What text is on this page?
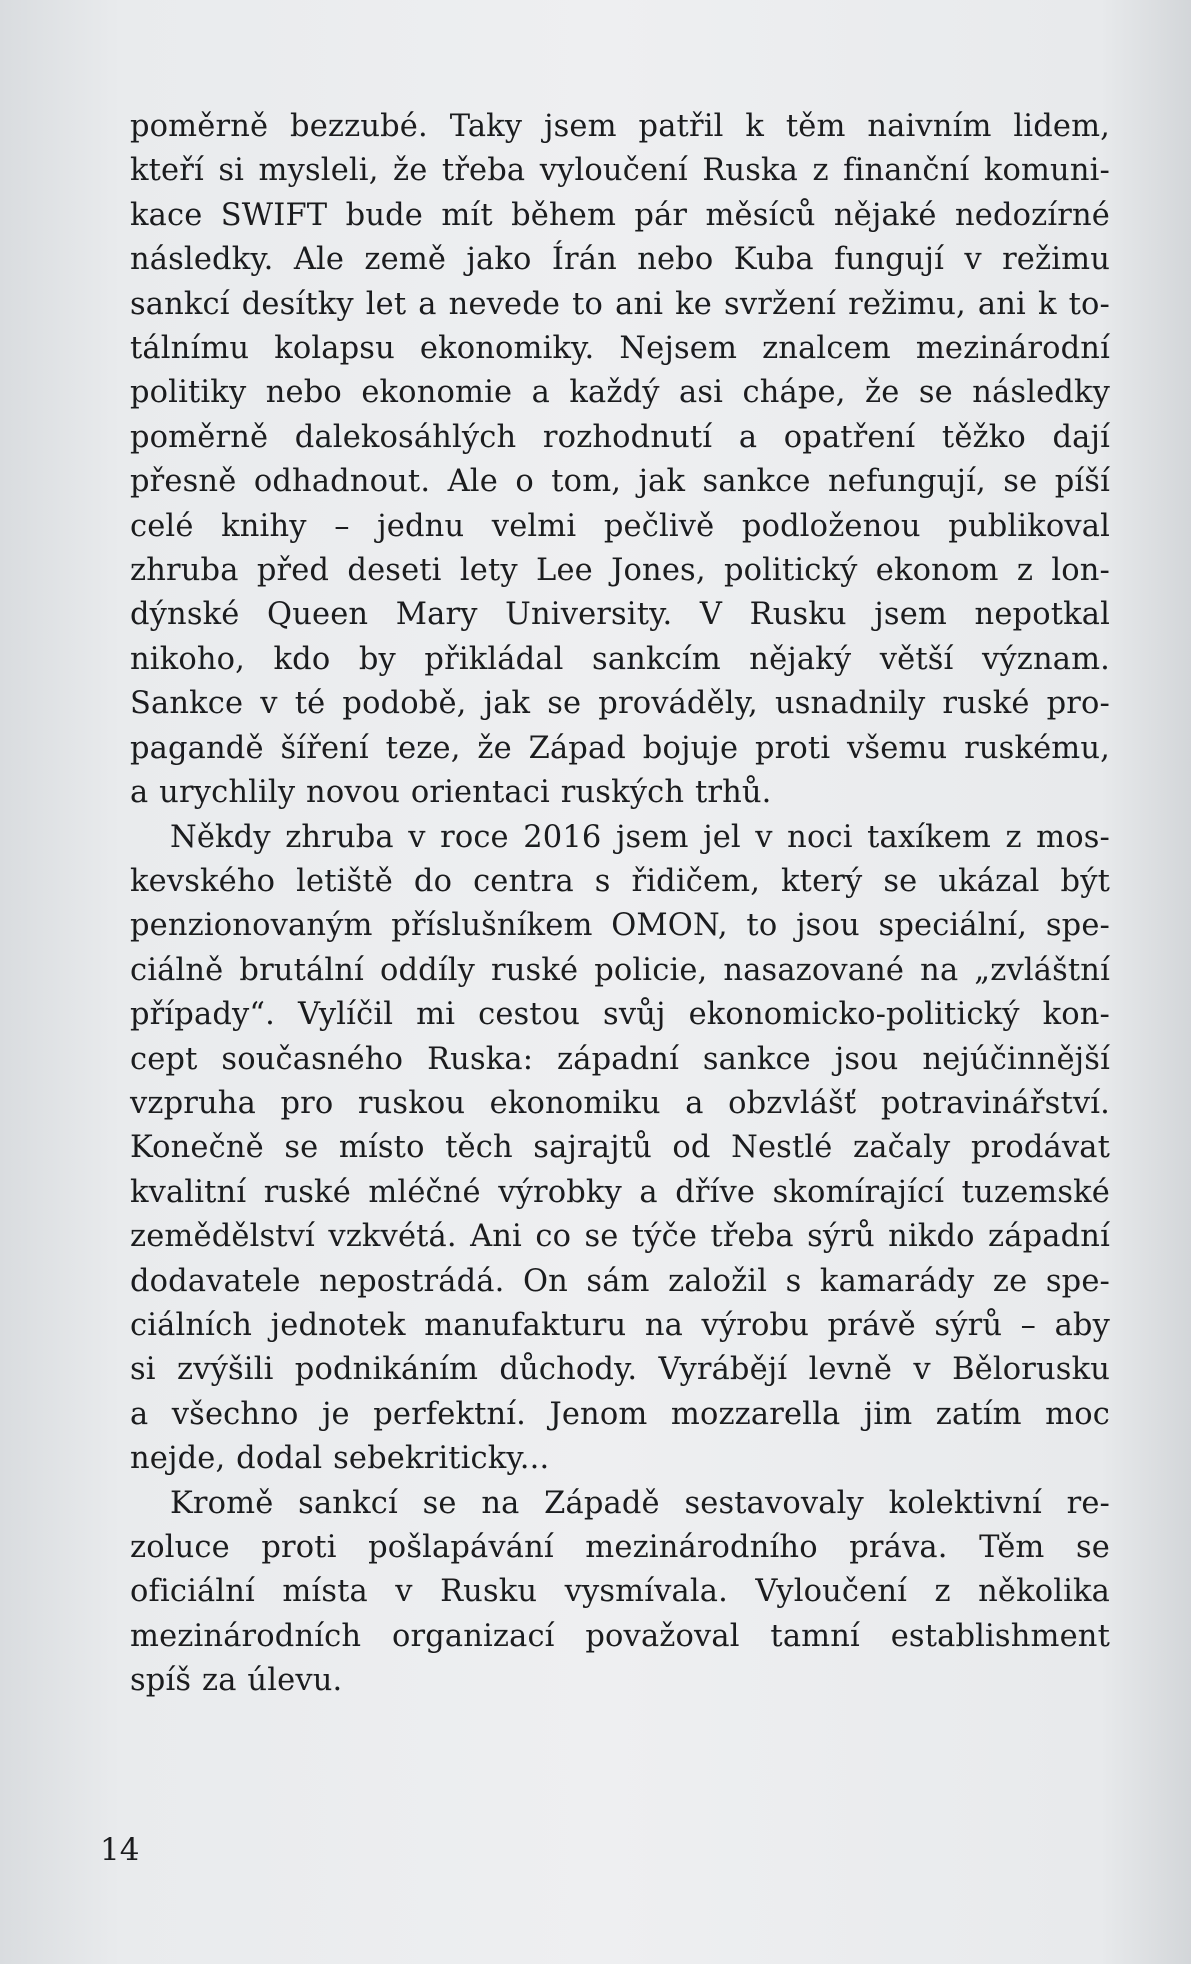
poměrně bezzubé. Taky jsem patřil k těm naivním lidem,
kteří si mysleli, že třeba vyloučení Ruska z finanční komuni-
kace SWIFT bude mít během pár měsíců nějaké nedozírné
následky. Ale země jako Írán nebo Kuba fungují v režimu
sankcí desítky let a nevede to ani ke svržení režimu, ani k to-
tálnímu kolapsu ekonomiky. Nejsem znalcem mezinárodní
politiky nebo ekonomie a každý asi chápe, že se následky
poměrně dalekosáhlých rozhodnutí a opatření těžko dají
přesně odhadnout. Ale o tom, jak sankce nefungují, se píší
celé knihy – jednu velmi pečlivě podloženou publikoval
zhruba před deseti lety Lee Jones, politický ekonom z lon-
dýnské Queen Mary University. V Rusku jsem nepotkal
nikoho, kdo by přikládal sankcím nějaký větší význam.
Sankce v té podobě, jak se prováděly, usnadnily ruské pro-
pagandě šíření teze, že Západ bojuje proti všemu ruskému,
a urychlily novou orientaci ruských trhů.
Někdy zhruba v roce 2016 jsem jel v noci taxíkem z mos-
kevského letiště do centra s řidičem, který se ukázal být
penzionovaným příslušníkem OMON, to jsou speciální, spe-
ciálně brutální oddíly ruské policie, nasazované na „zvláštní
případy“. Vylíčil mi cestou svůj ekonomicko-politický kon-
cept současného Ruska: západní sankce jsou nejúčinnější
vzpruha pro ruskou ekonomiku a obzvlášť potravinářství.
Konečně se místo těch sajrajtů od Nestlé začaly prodávat
kvalitní ruské mléčné výrobky a dříve skomírající tuzemské
zemědělství vzkvétá. Ani co se týče třeba sýrů nikdo západní
dodavatele nepostrádá. On sám založil s kamarády ze spe-
ciálních jednotek manufakturu na výrobu právě sýrů – aby
si zvýšili podnikáním důchody. Vyrábějí levně v Bělorusku
a všechno je perfektní. Jenom mozzarella jim zatím moc
nejde, dodal sebekriticky...
Kromě sankcí se na Západě sestavovaly kolektivní re-
zoluce proti pošlapávání mezinárodního práva. Těm se
oficiální místa v Rusku vysmívala. Vyloučení z několika
mezinárodních organizací považoval tamní establishment
spíš za úlevu.
14
